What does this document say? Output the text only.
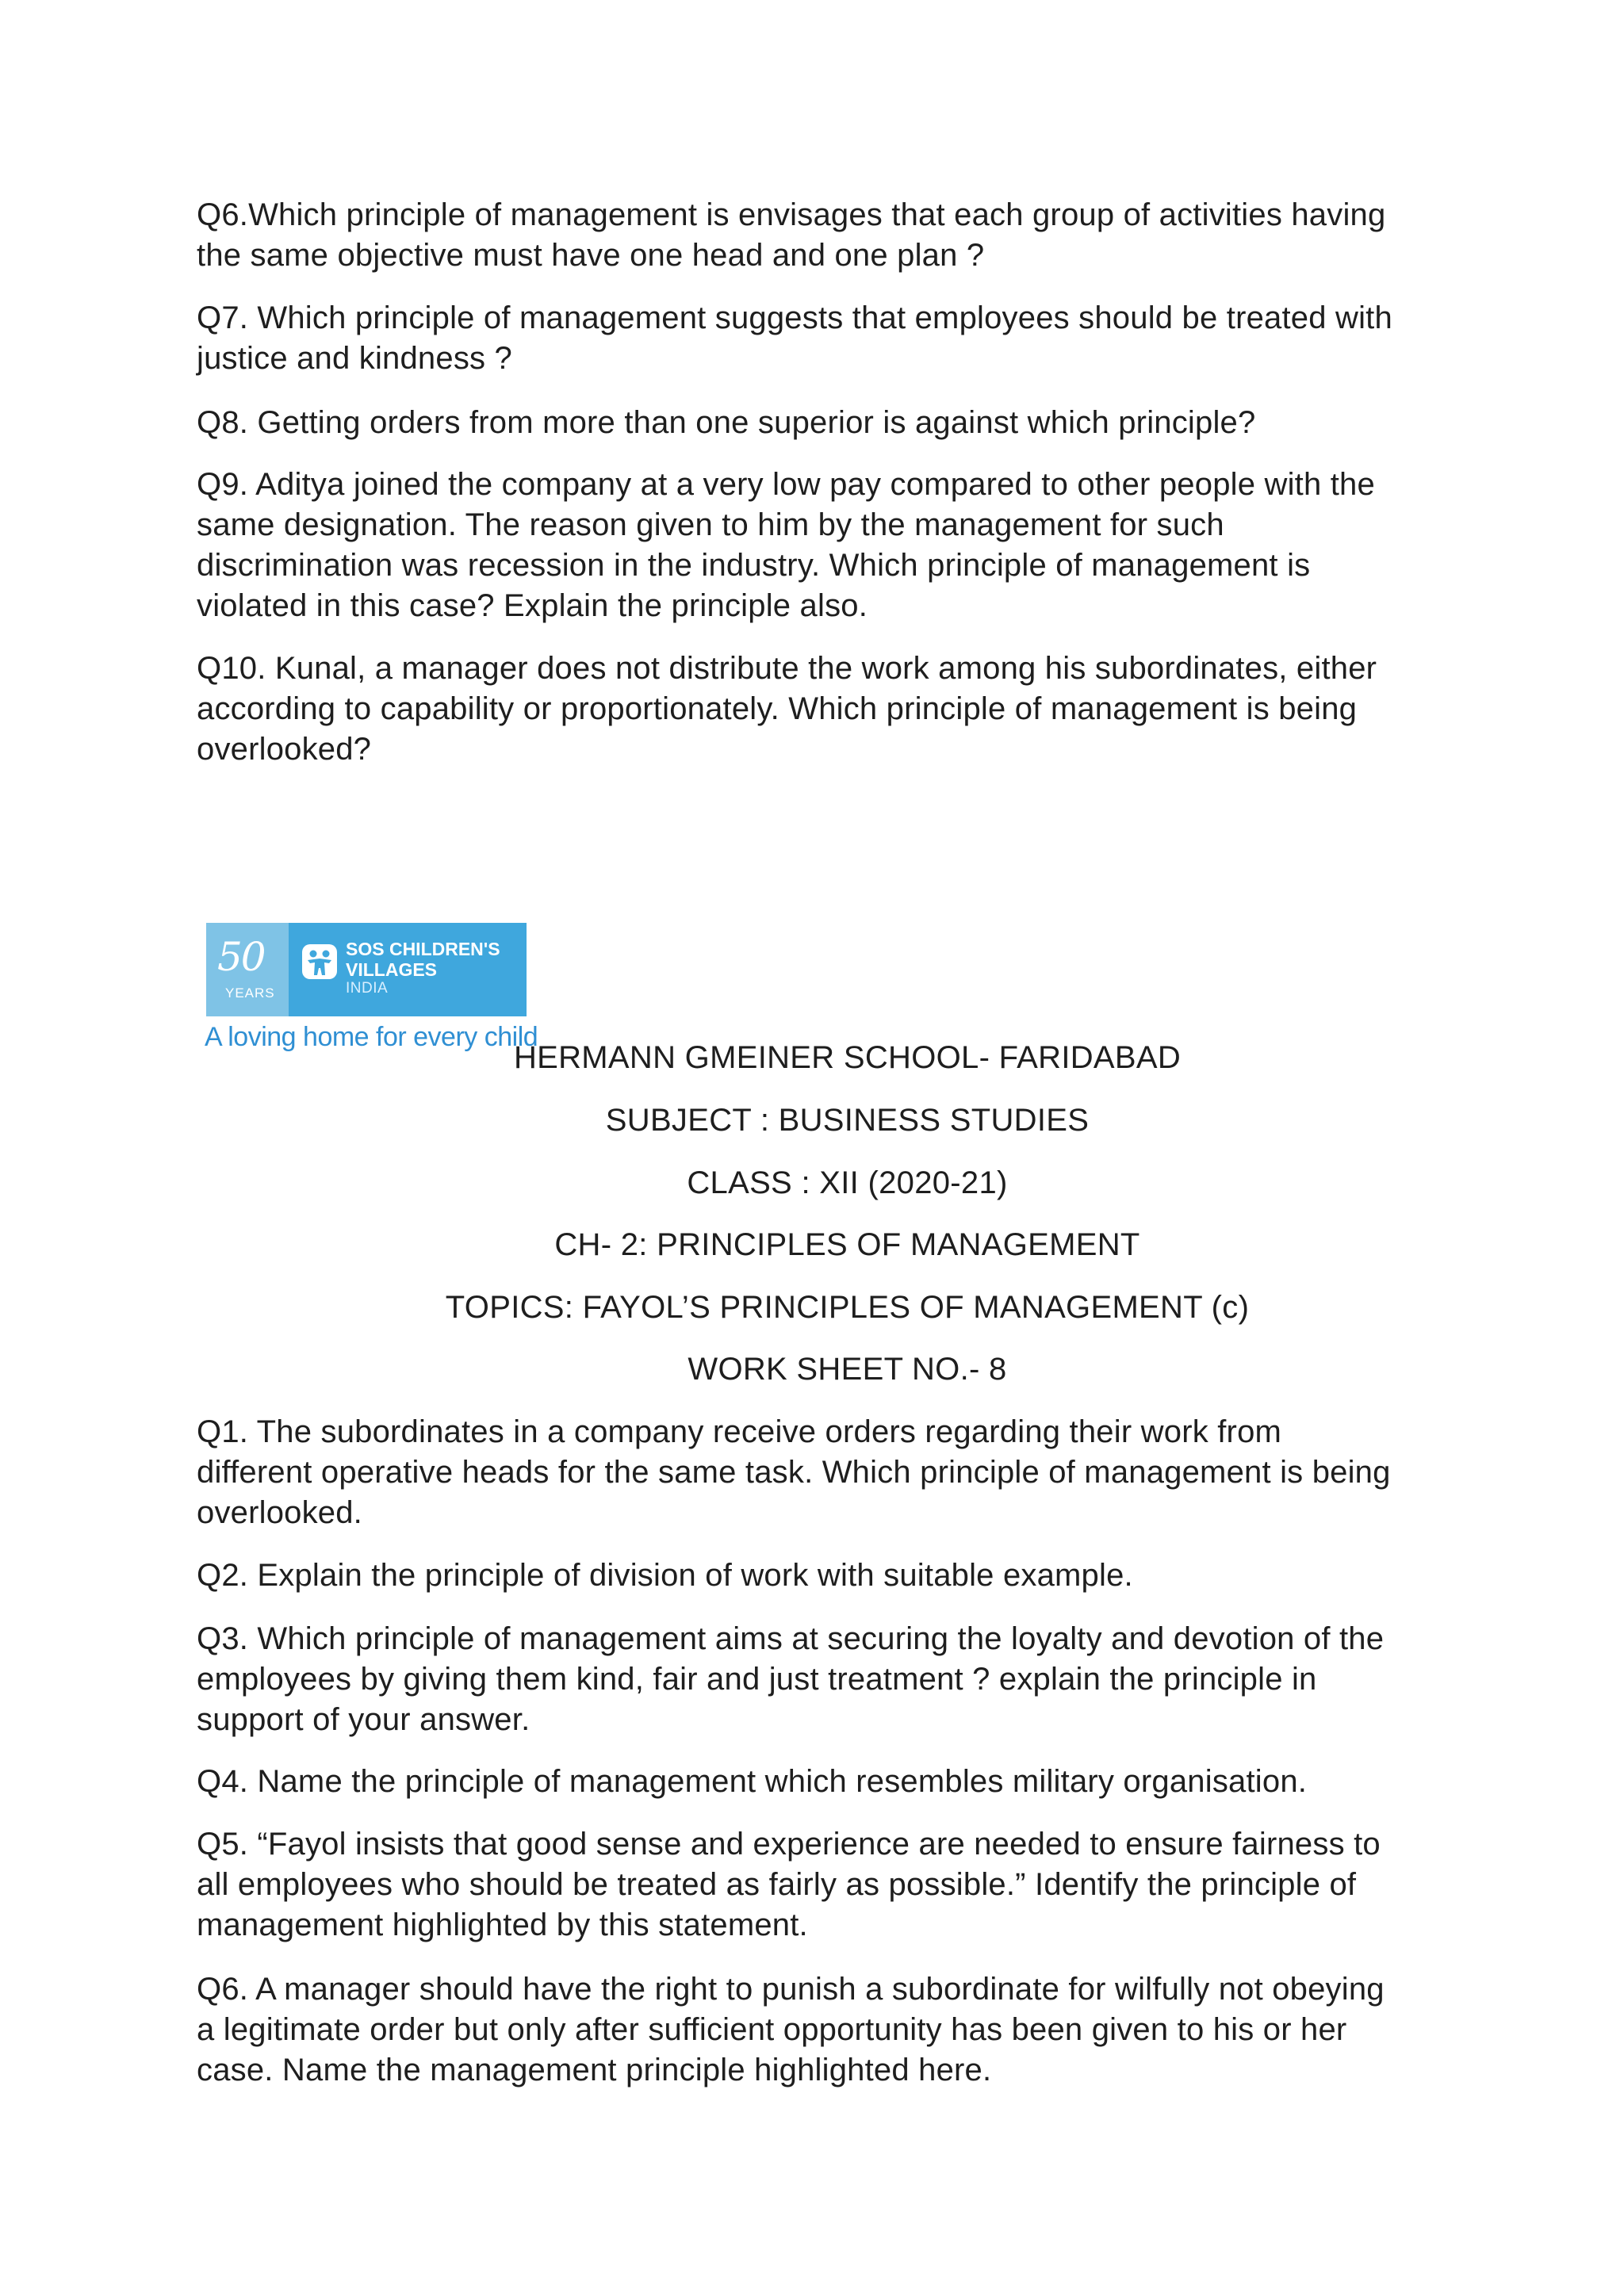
Q6.Which principle of management is envisages that each group of activities having
the same objective must have one head and one plan ?
Q7. Which principle of management suggests that employees should be treated with
justice and kindness ?
Q8. Getting orders from more than one superior is against which principle?
Q9. Aditya joined the company at a very low pay compared to other people with the
same designation. The reason given to him by the management for such
discrimination was recession in the industry. Which principle of management is
violated in this case? Explain the principle also.
Q10. Kunal, a manager does not distribute the work among his subordinates, either
according to capability or proportionately. Which principle of management is being
overlooked?
50
YEARS
SOS CHILDREN'S
VILLAGES
INDIA
A loving home for every child
HERMANN GMEINER SCHOOL- FARIDABAD
SUBJECT : BUSINESS STUDIES
CLASS : XII (2020-21)
CH- 2: PRINCIPLES OF MANAGEMENT
TOPICS: FAYOL’S PRINCIPLES OF MANAGEMENT (c)
WORK SHEET NO.- 8
Q1. The subordinates in a company receive orders regarding their work from
different operative heads for the same task. Which principle of management is being
overlooked.
Q2. Explain the principle of division of work with suitable example.
Q3. Which principle of management aims at securing the loyalty and devotion of the
employees by giving them kind, fair and just treatment ? explain the principle in
support of your answer.
Q4. Name the principle of management which resembles military organisation.
Q5. “Fayol insists that good sense and experience are needed to ensure fairness to
all employees who should be treated as fairly as possible.” Identify the principle of
management highlighted by this statement.
Q6. A manager should have the right to punish a subordinate for wilfully not obeying
a legitimate order but only after sufficient opportunity has been given to his or her
case. Name the management principle highlighted here.
